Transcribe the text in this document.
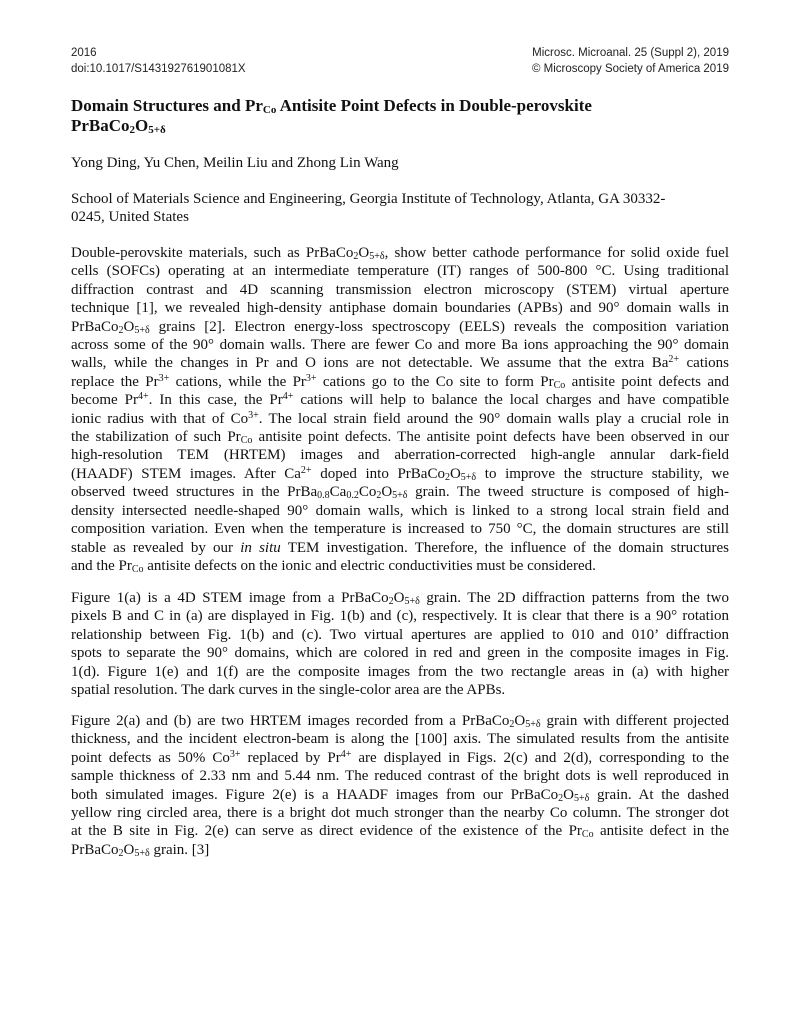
2016
doi:10.1017/S143192761901081X
Microsc. Microanal. 25 (Suppl 2), 2019
© Microscopy Society of America 2019
Domain Structures and $Pr_{Co}$ Antisite Point Defects in Double-perovskite
$PrBaCo_2O_{5+\delta}$
Yong Ding, Yu Chen, Meilin Liu and Zhong Lin Wang
School of Materials Science and Engineering, Georgia Institute of Technology, Atlanta, GA 30332-
0245, United States
Double-perovskite materials, such as $PrBaCo_2O_{5+\delta}$, show better cathode performance for solid oxide fuel
cells (SOFCs) operating at an intermediate temperature (IT) ranges of 500-800 °C. Using traditional
diffraction contrast and 4D scanning transmission electron microscopy (STEM) virtual aperture
technique [1], we revealed high-density antiphase domain boundaries (APBs) and 90° domain walls in
$PrBaCo_2O_{5+\delta}$ grains [2]. Electron energy-loss spectroscopy (EELS) reveals the composition variation
across some of the 90° domain walls. There are fewer Co and more Ba ions approaching the 90° domain
walls, while the changes in Pr and O ions are not detectable. We assume that the extra $Ba^{2+}$ cations
replace the $Pr^{3+}$ cations, while the $Pr^{3+}$ cations go to the Co site to form $Pr_{Co}$ antisite point defects and
become $Pr^{4+}$. In this case, the $Pr^{4+}$ cations will help to balance the local charges and have compatible
ionic radius with that of $Co^{3+}$. The local strain field around the 90° domain walls play a crucial role in
the stabilization of such $Pr_{Co}$ antisite point defects. The antisite point defects have been observed in our
high-resolution TEM (HRTEM) images and aberration-corrected high-angle annular dark-field
(HAADF) STEM images. After $Ca^{2+}$ doped into $PrBaCo_2O_{5+\delta}$ to improve the structure stability, we
observed tweed structures in the $PrBa_{0.8}Ca_{0.2}Co_2O_{5+\delta}$ grain. The tweed structure is composed of high-
density intersected needle-shaped 90° domain walls, which is linked to a strong local strain field and
composition variation. Even when the temperature is increased to 750 °C, the domain structures are still
stable as revealed by our in situ TEM investigation. Therefore, the influence of the domain structures
and the $Pr_{Co}$ antisite defects on the ionic and electric conductivities must be considered.
Figure 1(a) is a 4D STEM image from a $PrBaCo_2O_{5+\delta}$ grain. The 2D diffraction patterns from the two
pixels B and C in (a) are displayed in Fig. 1(b) and (c), respectively. It is clear that there is a 90° rotation
relationship between Fig. 1(b) and (c). Two virtual apertures are applied to 010 and 010’ diffraction
spots to separate the 90° domains, which are colored in red and green in the composite images in Fig.
1(d). Figure 1(e) and 1(f) are the composite images from the two rectangle areas in (a) with higher
spatial resolution. The dark curves in the single-color area are the APBs.
Figure 2(a) and (b) are two HRTEM images recorded from a $PrBaCo_2O_{5+\delta}$ grain with different projected
thickness, and the incident electron-beam is along the [100] axis. The simulated results from the antisite
point defects as 50% $Co^{3+}$ replaced by $Pr^{4+}$ are displayed in Figs. 2(c) and 2(d), corresponding to the
sample thickness of 2.33 nm and 5.44 nm. The reduced contrast of the bright dots is well reproduced in
both simulated images. Figure 2(e) is a HAADF images from our $PrBaCo_2O_{5+\delta}$ grain. At the dashed
yellow ring circled area, there is a bright dot much stronger than the nearby Co column. The stronger dot
at the B site in Fig. 2(e) can serve as direct evidence of the existence of the $Pr_{Co}$ antisite defect in the
$PrBaCo_2O_{5+\delta}$ grain. [3]
